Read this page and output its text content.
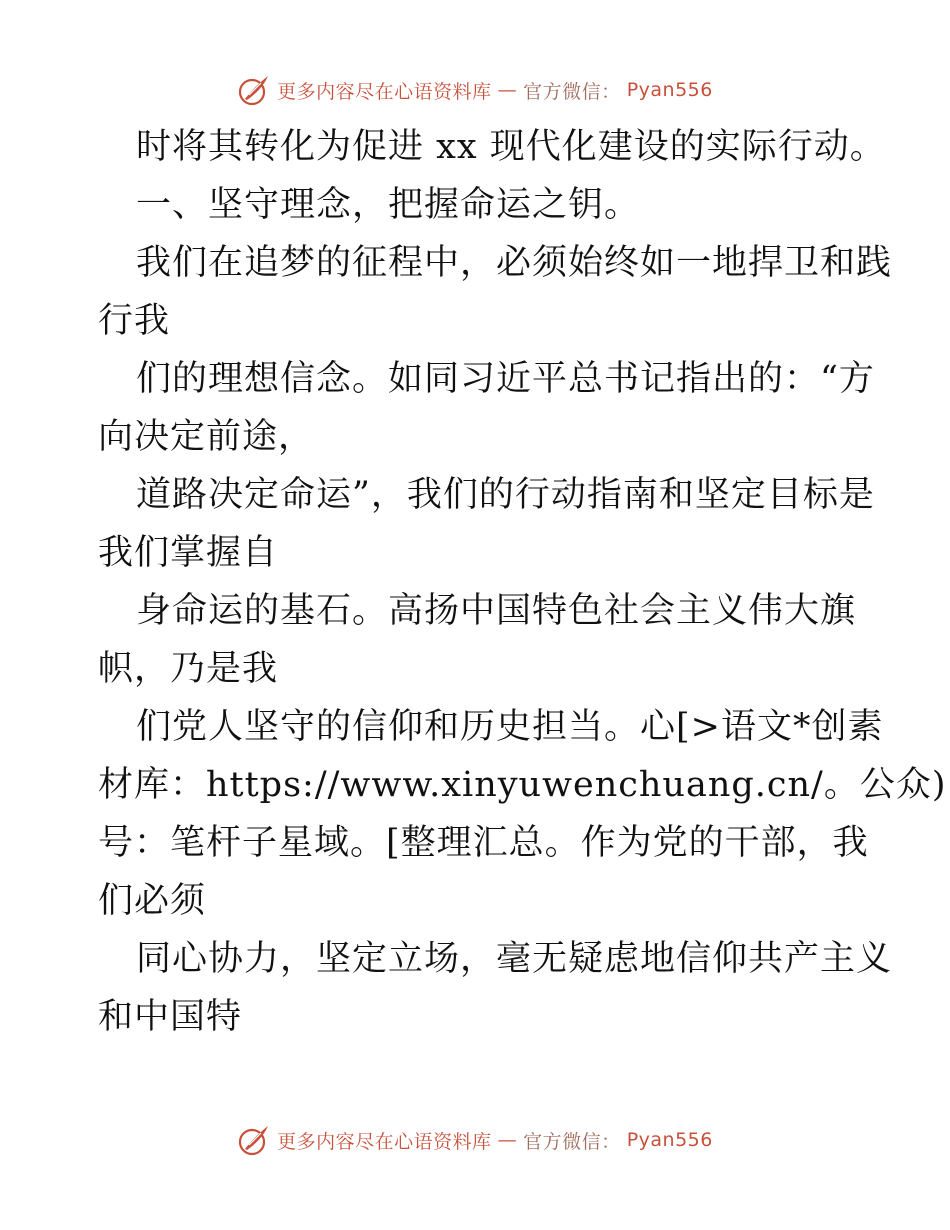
更多内容尽在心语资料库 — 官方微信： Pyan556
时将其转化为促进 xx 现代化建设的实际行动。
一、坚守理念，把握命运之钥。
我们在追梦的征程中，必须始终如一地捍卫和践
行我
们的理想信念。如同习近平总书记指出的：“方
向决定前途，
道路决定命运”，我们的行动指南和坚定目标是
我们掌握自
身命运的基石。高扬中国特色社会主义伟大旗
帜，乃是我
们党人坚守的信仰和历史担当。心[>语文*创素
材库：https://www.xinyuwenchuang.cn/。公众)
号：笔杆子星域。[整理汇总。作为党的干部，我
们必须
同心协力，坚定立场，毫无疑虑地信仰共产主义
和中国特
更多内容尽在心语资料库 — 官方微信： Pyan556
